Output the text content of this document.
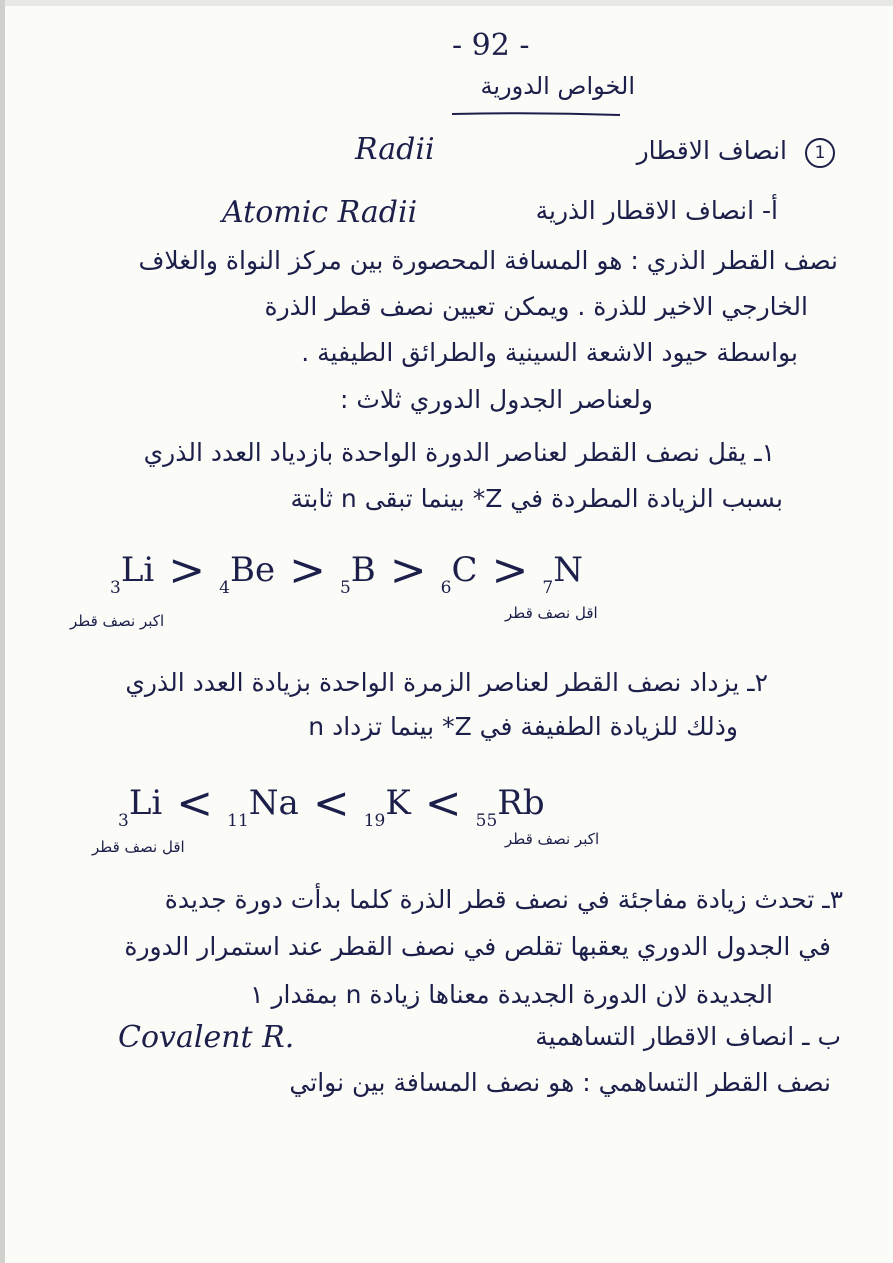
- 92 -
الخواص الدورية
Radii	انصاف الاقطار	1
Atomic Radii	أ- انصاف الاقطار الذرية
نصف القطر الذري : هو المسافة المحصورة بين مركز النواة والغلاف
الخارجي الاخير للذرة . ويمكن تعيين نصف قطر الذرة
بواسطة حيود الاشعة السينية والطرائق الطيفية .
ولعناصر الجدول الدوري ثلاث :
١ـ يقل نصف القطر لعناصر الدورة الواحدة بازدياد العدد الذري
بسبب الزيادة المطردة في Z* بينما تبقى n ثابتة
$_3$Li > $_4$Be > $_5$B > $_6$C > $_7$N
اكبر نصف قطر	اقل نصف قطر
٢ـ يزداد نصف القطر لعناصر الزمرة الواحدة بزيادة العدد الذري
وذلك للزيادة الطفيفة في Z* بينما تزداد n
$_3$Li < $_{11}$Na < $_{19}$K < $_{55}$Rb
اقل نصف قطر	اكبر نصف قطر
٣ـ تحدث زيادة مفاجئة في نصف قطر الذرة كلما بدأت دورة جديدة
في الجدول الدوري يعقبها تقلص في نصف القطر عند استمرار الدورة
الجديدة لان الدورة الجديدة معناها زيادة n بمقدار ١
Covalent R.	ب ـ انصاف الاقطار التساهمية
نصف القطر التساهمي : هو نصف المسافة بين نواتي
